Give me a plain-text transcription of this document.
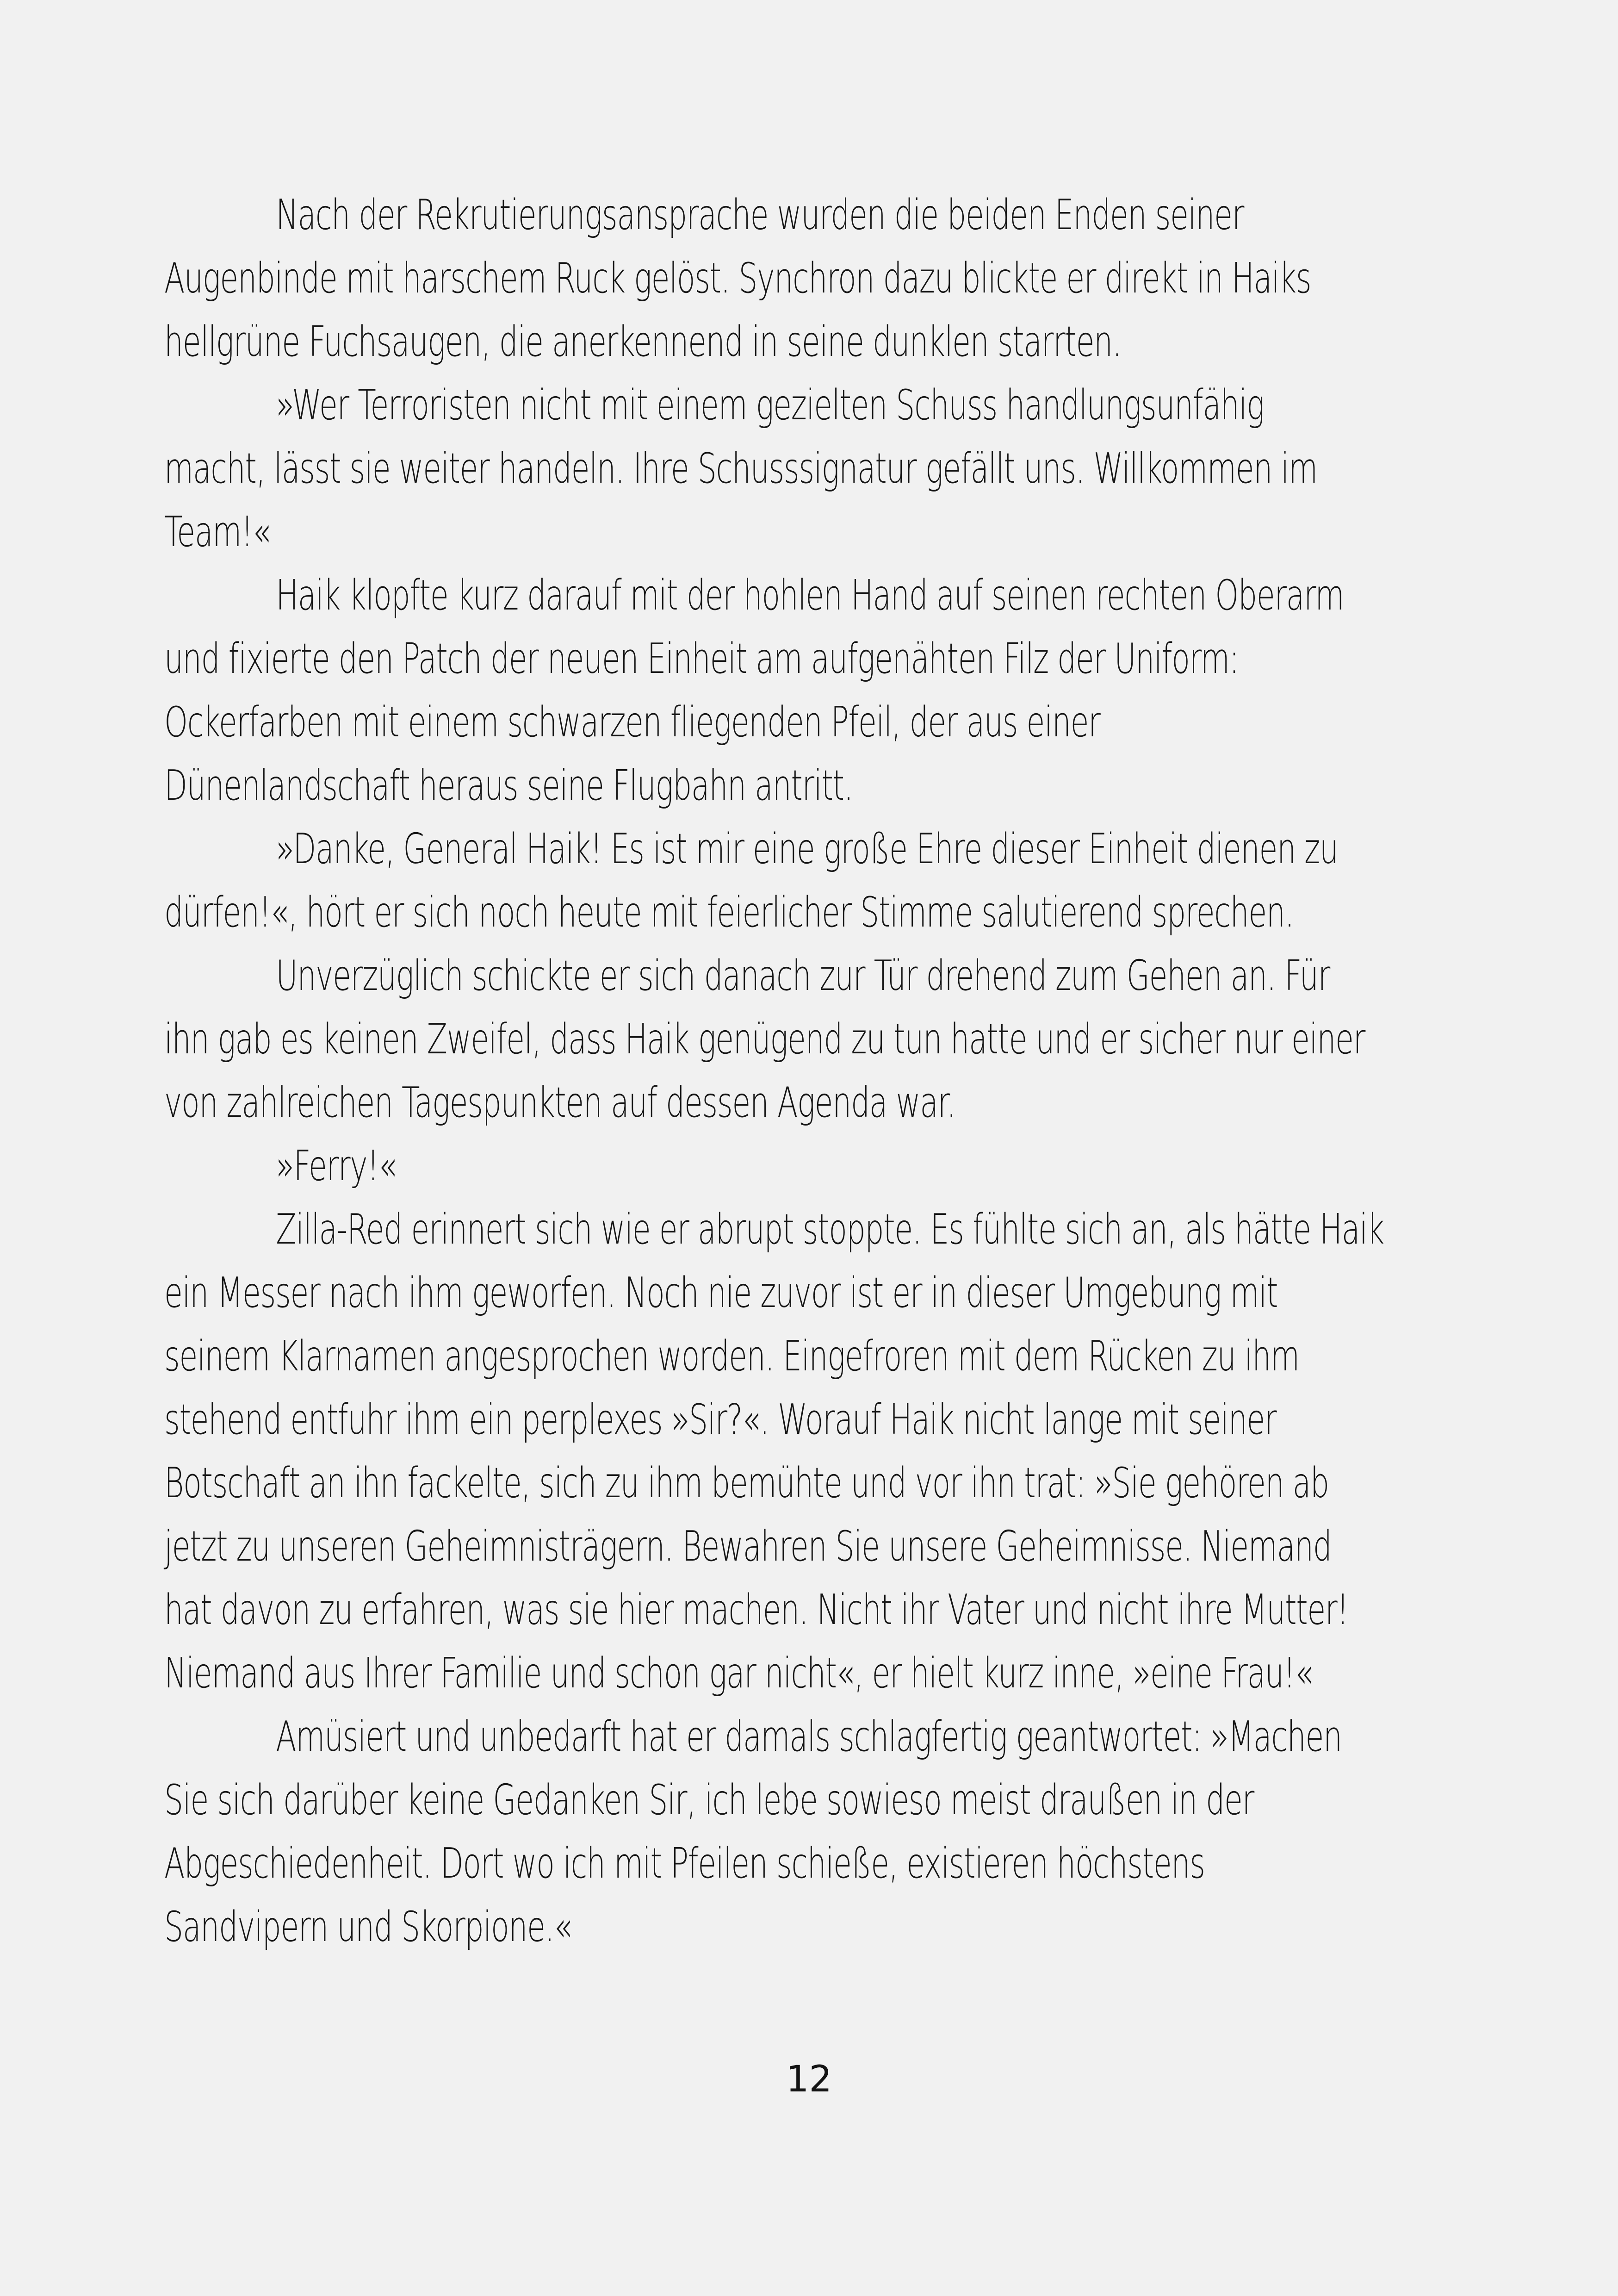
Nach der Rekrutierungsansprache wurden die beiden Enden seiner
Augenbinde mit harschem Ruck gelöst. Synchron dazu blickte er direkt in Haiks
hellgrüne Fuchsaugen, die anerkennend in seine dunklen starrten.

»Wer Terroristen nicht mit einem gezielten Schuss handlungsunfähig
macht, lässt sie weiter handeln. Ihre Schusssignatur gefällt uns. Willkommen im
Team!«

Haik klopfte kurz darauf mit der hohlen Hand auf seinen rechten Oberarm
und fixierte den Patch der neuen Einheit am aufgenähten Filz der Uniform:
Ockerfarben mit einem schwarzen fliegenden Pfeil, der aus einer
Dünenlandschaft heraus seine Flugbahn antritt.

»Danke, General Haik! Es ist mir eine große Ehre dieser Einheit dienen zu
dürfen!«, hört er sich noch heute mit feierlicher Stimme salutierend sprechen.

Unverzüglich schickte er sich danach zur Tür drehend zum Gehen an. Für
ihn gab es keinen Zweifel, dass Haik genügend zu tun hatte und er sicher nur einer
von zahlreichen Tagespunkten auf dessen Agenda war.

»Ferry!«

Zilla-Red erinnert sich wie er abrupt stoppte. Es fühlte sich an, als hätte Haik
ein Messer nach ihm geworfen. Noch nie zuvor ist er in dieser Umgebung mit
seinem Klarnamen angesprochen worden. Eingefroren mit dem Rücken zu ihm
stehend entfuhr ihm ein perplexes »Sir?«. Worauf Haik nicht lange mit seiner
Botschaft an ihn fackelte, sich zu ihm bemühte und vor ihn trat: »Sie gehören ab
jetzt zu unseren Geheimnisträgern. Bewahren Sie unsere Geheimnisse. Niemand
hat davon zu erfahren, was sie hier machen. Nicht ihr Vater und nicht ihre Mutter!
Niemand aus Ihrer Familie und schon gar nicht«, er hielt kurz inne, »eine Frau!«

Amüsiert und unbedarft hat er damals schlagfertig geantwortet: »Machen
Sie sich darüber keine Gedanken Sir, ich lebe sowieso meist draußen in der
Abgeschiedenheit. Dort wo ich mit Pfeilen schieße, existieren höchstens
Sandvipern und Skorpione.«

12
